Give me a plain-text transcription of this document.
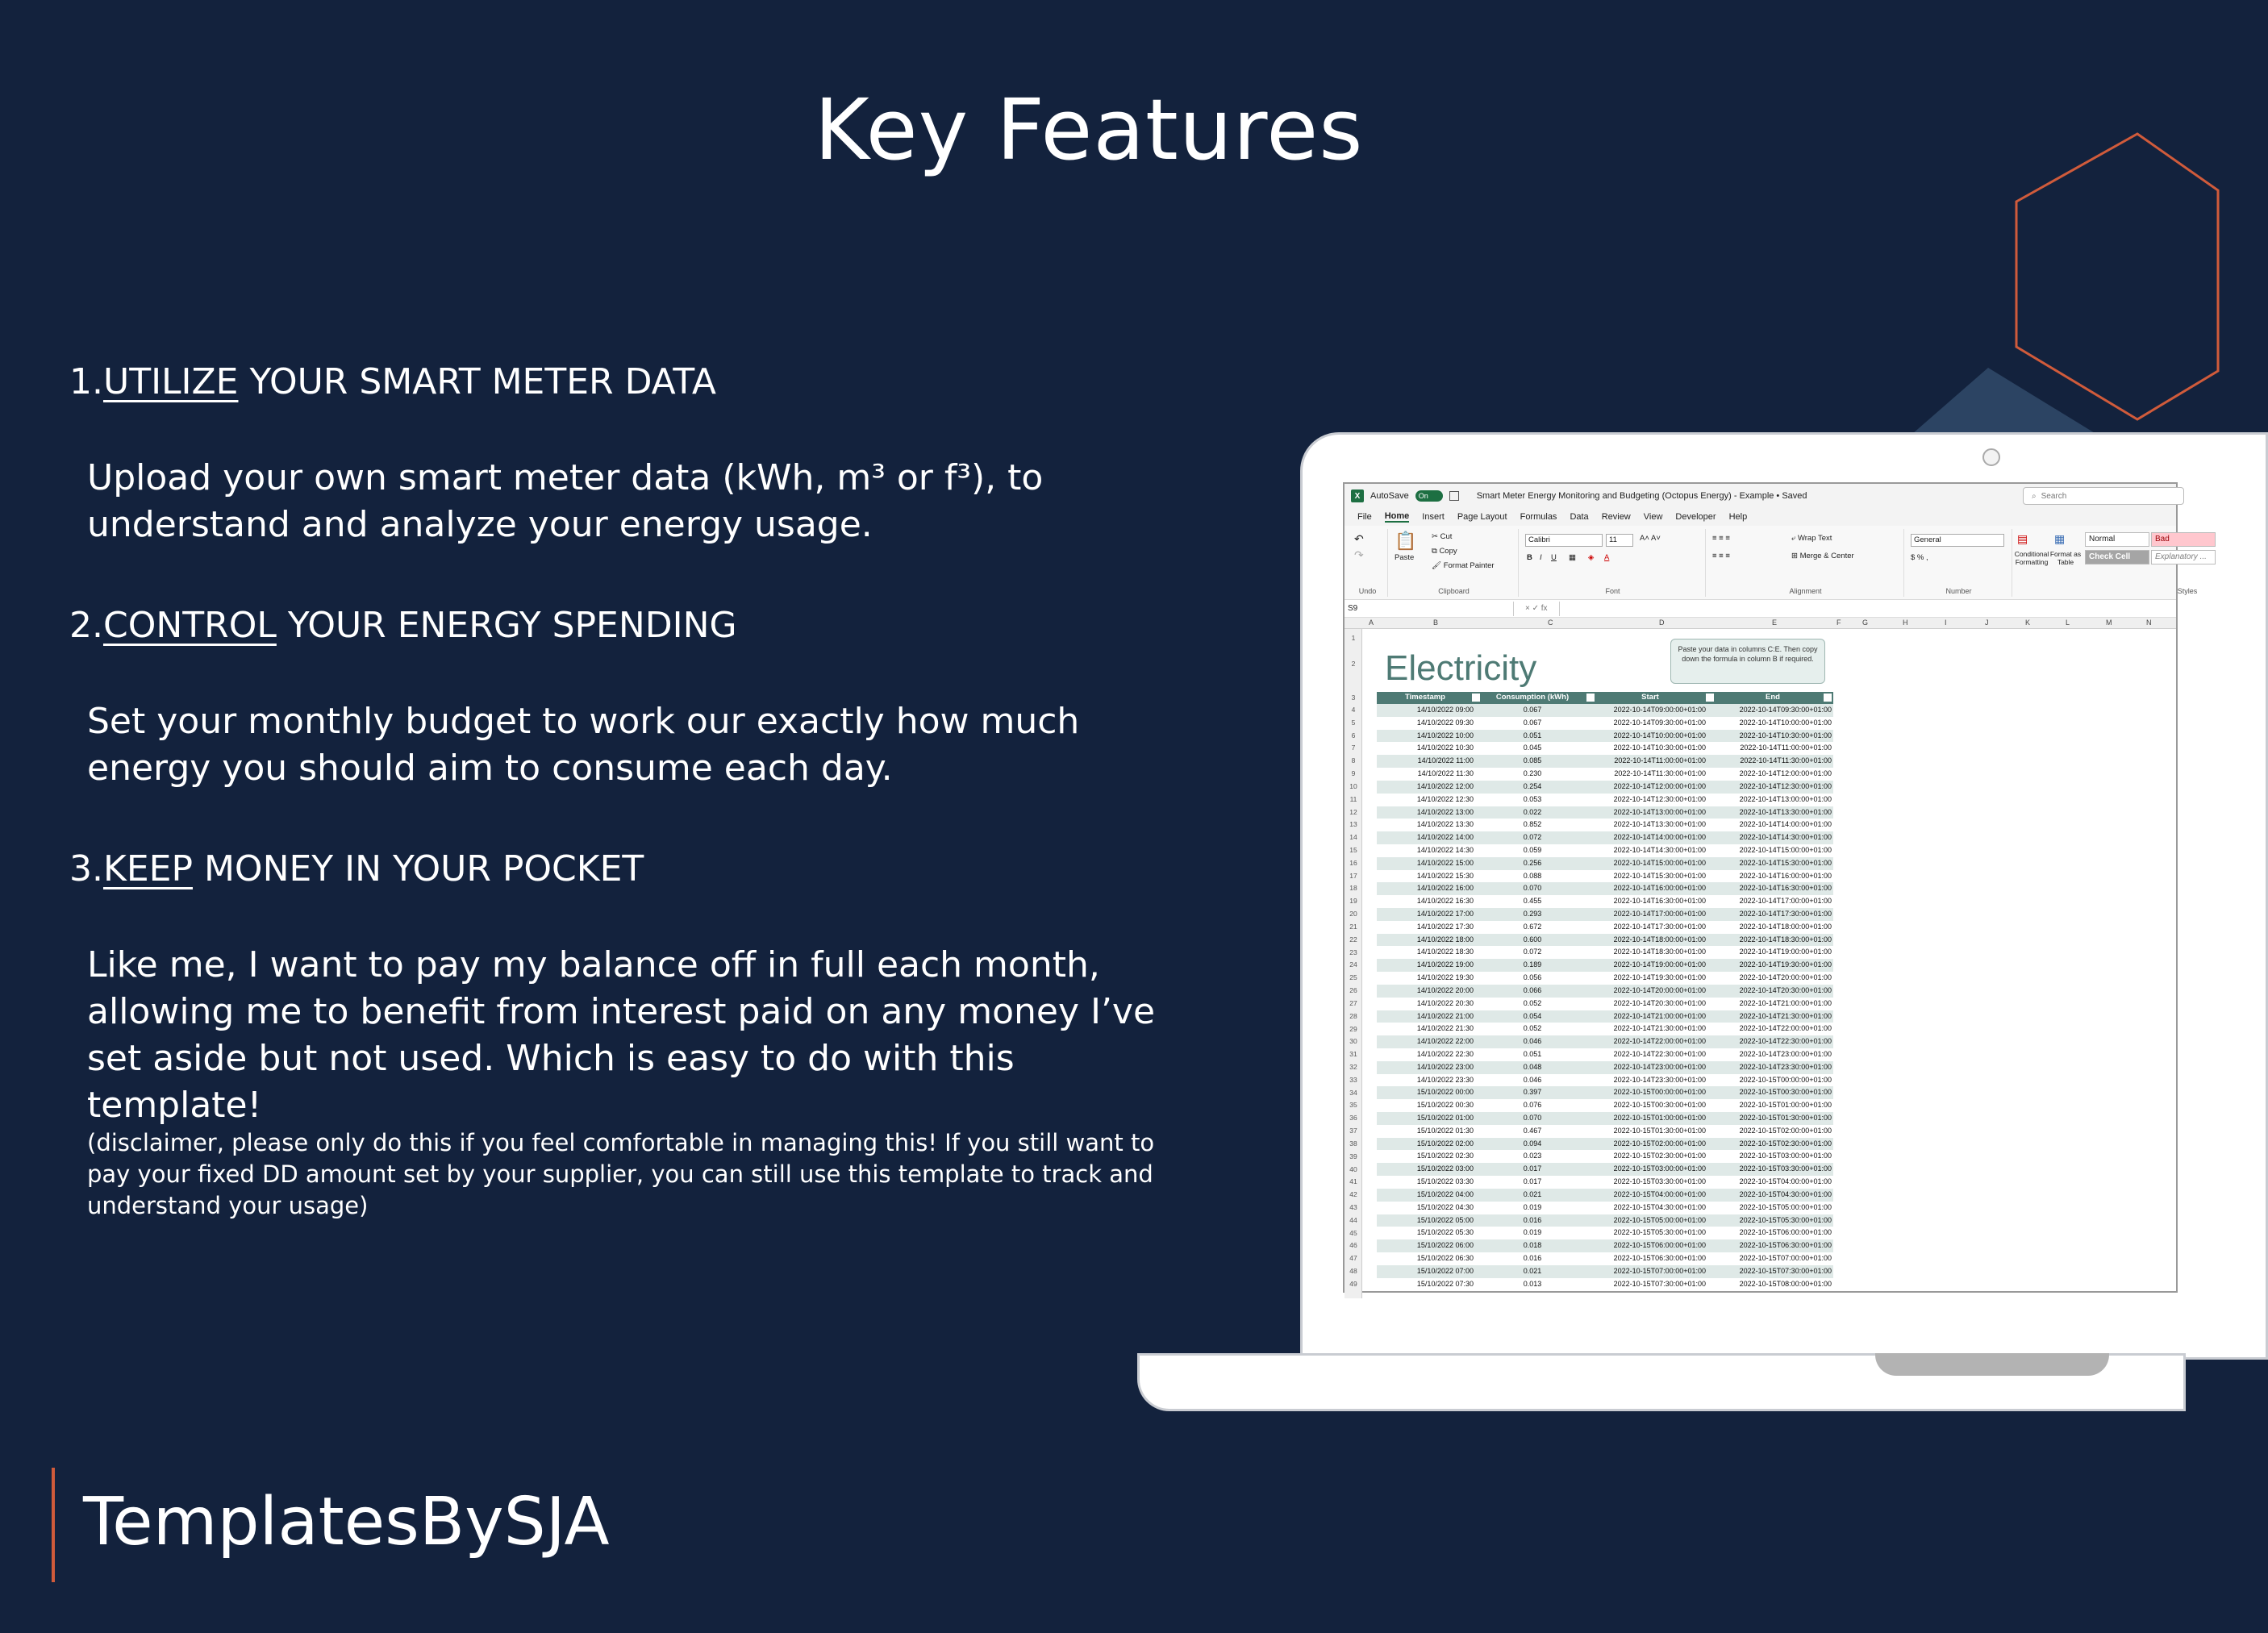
Key Features
1.UTILIZE YOUR SMART METER DATA
Upload your own smart meter data (kWh, m³ or f³), to understand and analyze your energy usage.
2.CONTROL YOUR ENERGY SPENDING
Set your monthly budget to work our exactly how much energy you should aim to consume each day.
3.KEEP MONEY IN YOUR POCKET
Like me, I want to pay my balance off in full each month, allowing me to benefit from interest paid on any money I’ve set aside but not used. Which is easy to do with this template!
(disclaimer, please only do this if you feel comfortable in managing this! If you still want to pay your fixed DD amount set by your supplier, you can still use this template to track and understand your usage)
TemplatesBySJA
X	AutoSave	On	Smart Meter Energy Monitoring and Budgeting (Octopus Energy) - Example • Saved	⌕ Search
File Home Insert Page Layout Formulas Data Review View Developer Help
↶
↷
Undo
📋
Paste
✂ Cut
⧉ Copy
🖌 Format Painter
Clipboard
Calibri	11	A˄ A˅
B I U ▦ ◈ A
Font
≡ ≡ ≡
≡ ≡ ≡
⤶ Wrap Text
⊞ Merge & Center
Alignment
General
$ % ,
Number
▤
Conditional Formatting
▦
Format as Table
Normal	Bad
Check Cell	Explanatory ...
Styles
S9	× ✓ fx
A	B	C	D	E	F	G	H	I	J	K	L	M	N
1
2
3
4
5
6
7
8
9
10
11
12
13
14
15
16
17
18
19
20
21
22
23
24
25
26
27
28
29
30
31
32
33
34
35
36
37
38
39
40
41
42
43
44
45
46
47
48
49
Electricity	Paste your data in columns C:E. Then copy down the formula in column B if required.
Timestamp	Consumption (kWh)	Start	End
14/10/2022 09:00	0.067	2022-10-14T09:00:00+01:00	2022-10-14T09:30:00+01:00
14/10/2022 09:30	0.067	2022-10-14T09:30:00+01:00	2022-10-14T10:00:00+01:00
14/10/2022 10:00	0.051	2022-10-14T10:00:00+01:00	2022-10-14T10:30:00+01:00
14/10/2022 10:30	0.045	2022-10-14T10:30:00+01:00	2022-10-14T11:00:00+01:00
14/10/2022 11:00	0.085	2022-10-14T11:00:00+01:00	2022-10-14T11:30:00+01:00
14/10/2022 11:30	0.230	2022-10-14T11:30:00+01:00	2022-10-14T12:00:00+01:00
14/10/2022 12:00	0.254	2022-10-14T12:00:00+01:00	2022-10-14T12:30:00+01:00
14/10/2022 12:30	0.053	2022-10-14T12:30:00+01:00	2022-10-14T13:00:00+01:00
14/10/2022 13:00	0.022	2022-10-14T13:00:00+01:00	2022-10-14T13:30:00+01:00
14/10/2022 13:30	0.852	2022-10-14T13:30:00+01:00	2022-10-14T14:00:00+01:00
14/10/2022 14:00	0.072	2022-10-14T14:00:00+01:00	2022-10-14T14:30:00+01:00
14/10/2022 14:30	0.059	2022-10-14T14:30:00+01:00	2022-10-14T15:00:00+01:00
14/10/2022 15:00	0.256	2022-10-14T15:00:00+01:00	2022-10-14T15:30:00+01:00
14/10/2022 15:30	0.088	2022-10-14T15:30:00+01:00	2022-10-14T16:00:00+01:00
14/10/2022 16:00	0.070	2022-10-14T16:00:00+01:00	2022-10-14T16:30:00+01:00
14/10/2022 16:30	0.455	2022-10-14T16:30:00+01:00	2022-10-14T17:00:00+01:00
14/10/2022 17:00	0.293	2022-10-14T17:00:00+01:00	2022-10-14T17:30:00+01:00
14/10/2022 17:30	0.672	2022-10-14T17:30:00+01:00	2022-10-14T18:00:00+01:00
14/10/2022 18:00	0.600	2022-10-14T18:00:00+01:00	2022-10-14T18:30:00+01:00
14/10/2022 18:30	0.072	2022-10-14T18:30:00+01:00	2022-10-14T19:00:00+01:00
14/10/2022 19:00	0.189	2022-10-14T19:00:00+01:00	2022-10-14T19:30:00+01:00
14/10/2022 19:30	0.056	2022-10-14T19:30:00+01:00	2022-10-14T20:00:00+01:00
14/10/2022 20:00	0.066	2022-10-14T20:00:00+01:00	2022-10-14T20:30:00+01:00
14/10/2022 20:30	0.052	2022-10-14T20:30:00+01:00	2022-10-14T21:00:00+01:00
14/10/2022 21:00	0.054	2022-10-14T21:00:00+01:00	2022-10-14T21:30:00+01:00
14/10/2022 21:30	0.052	2022-10-14T21:30:00+01:00	2022-10-14T22:00:00+01:00
14/10/2022 22:00	0.046	2022-10-14T22:00:00+01:00	2022-10-14T22:30:00+01:00
14/10/2022 22:30	0.051	2022-10-14T22:30:00+01:00	2022-10-14T23:00:00+01:00
14/10/2022 23:00	0.048	2022-10-14T23:00:00+01:00	2022-10-14T23:30:00+01:00
14/10/2022 23:30	0.046	2022-10-14T23:30:00+01:00	2022-10-15T00:00:00+01:00
15/10/2022 00:00	0.397	2022-10-15T00:00:00+01:00	2022-10-15T00:30:00+01:00
15/10/2022 00:30	0.076	2022-10-15T00:30:00+01:00	2022-10-15T01:00:00+01:00
15/10/2022 01:00	0.070	2022-10-15T01:00:00+01:00	2022-10-15T01:30:00+01:00
15/10/2022 01:30	0.467	2022-10-15T01:30:00+01:00	2022-10-15T02:00:00+01:00
15/10/2022 02:00	0.094	2022-10-15T02:00:00+01:00	2022-10-15T02:30:00+01:00
15/10/2022 02:30	0.023	2022-10-15T02:30:00+01:00	2022-10-15T03:00:00+01:00
15/10/2022 03:00	0.017	2022-10-15T03:00:00+01:00	2022-10-15T03:30:00+01:00
15/10/2022 03:30	0.017	2022-10-15T03:30:00+01:00	2022-10-15T04:00:00+01:00
15/10/2022 04:00	0.021	2022-10-15T04:00:00+01:00	2022-10-15T04:30:00+01:00
15/10/2022 04:30	0.019	2022-10-15T04:30:00+01:00	2022-10-15T05:00:00+01:00
15/10/2022 05:00	0.016	2022-10-15T05:00:00+01:00	2022-10-15T05:30:00+01:00
15/10/2022 05:30	0.019	2022-10-15T05:30:00+01:00	2022-10-15T06:00:00+01:00
15/10/2022 06:00	0.018	2022-10-15T06:00:00+01:00	2022-10-15T06:30:00+01:00
15/10/2022 06:30	0.016	2022-10-15T06:30:00+01:00	2022-10-15T07:00:00+01:00
15/10/2022 07:00	0.021	2022-10-15T07:00:00+01:00	2022-10-15T07:30:00+01:00
15/10/2022 07:30	0.013	2022-10-15T07:30:00+01:00	2022-10-15T08:00:00+01:00
